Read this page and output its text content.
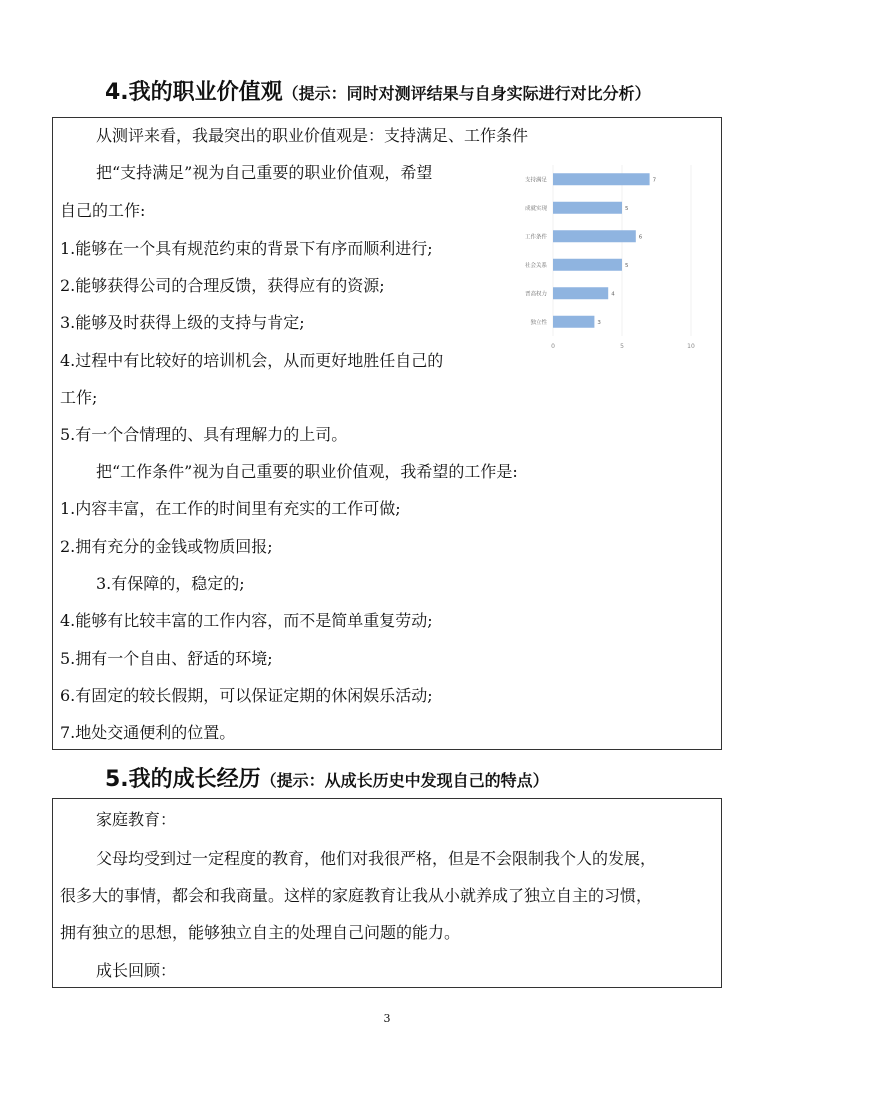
4.我的职业价值观（提示：同时对测评结果与自身实际进行对比分析）
从测评来看，我最突出的职业价值观是：支持满足、工作条件
把“支持满足”视为自己重要的职业价值观，希望
自己的工作:
1.能够在一个具有规范约束的背景下有序而顺利进行;
2.能够获得公司的合理反馈，获得应有的资源;
3.能够及时获得上级的支持与肯定;
4.过程中有比较好的培训机会，从而更好地胜任自己的
工作;
5.有一个合情理的、具有理解力的上司。
把“工作条件”视为自己重要的职业价值观，我希望的工作是:
1.内容丰富，在工作的时间里有充实的工作可做;
2.拥有充分的金钱或物质回报;
3.有保障的，稳定的;
4.能够有比较丰富的工作内容，而不是简单重复劳动;
5.拥有一个自由、舒适的环境;
6.有固定的较长假期，可以保证定期的休闲娱乐活动;
7.地处交通便利的位置。
0	5	10
支持满足	7
成就实现	5
工作条件	6
社会关系	5
晋高权力	4
独立性	3
5.我的成长经历（提示：从成长历史中发现自己的特点）
家庭教育：
父母均受到过一定程度的教育，他们对我很严格，但是不会限制我个人的发展，
很多大的事情，都会和我商量。这样的家庭教育让我从小就养成了独立自主的习惯，
拥有独立的思想，能够独立自主的处理自己问题的能力。
成长回顾：
3
